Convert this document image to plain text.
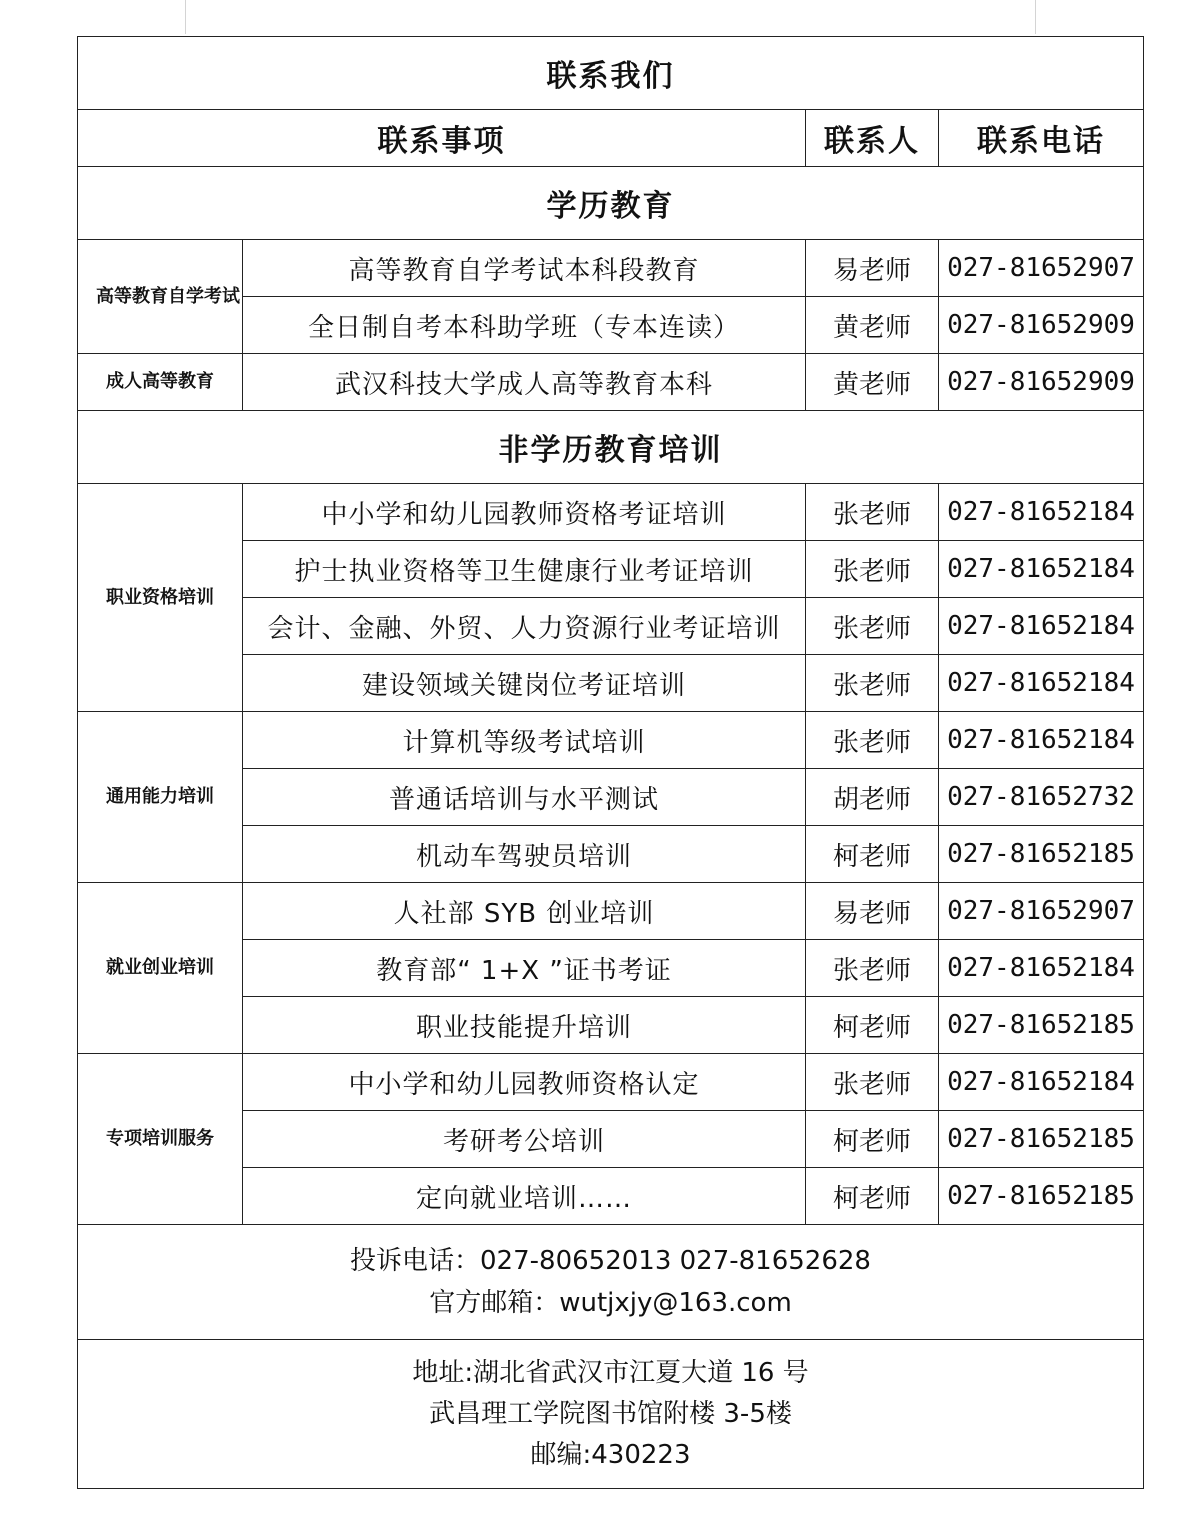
联系我们			
联系事项		联系人	联系电话
学历教育			
高等教育自学考试	高等教育自学考试本科段教育	易老师	027-81652907
	全日制自考本科助学班（专本连读）	黄老师	027-81652909
成人高等教育	武汉科技大学成人高等教育本科	黄老师	027-81652909
非学历教育培训			
职业资格培训	中小学和幼儿园教师资格考证培训	张老师	027-81652184
	护士执业资格等卫生健康行业考证培训	张老师	027-81652184
	会计、金融、外贸、人力资源行业考证培训	张老师	027-81652184
	建设领域关键岗位考证培训	张老师	027-81652184
通用能力培训	计算机等级考试培训	张老师	027-81652184
	普通话培训与水平测试	胡老师	027-81652732
	机动车驾驶员培训	柯老师	027-81652185
就业创业培训	人社部 SYB 创业培训	易老师	027-81652907
	教育部“ 1+X ”证书考证	张老师	027-81652184
	职业技能提升培训	柯老师	027-81652185
专项培训服务	中小学和幼儿园教师资格认定	张老师	027-81652184
	考研考公培训	柯老师	027-81652185
	定向就业培训……	柯老师	027-81652185

投诉电话：027-80652013 027-81652628
官方邮箱：wutjxjy@163.com			

地址:湖北省武汉市江夏大道 16 号
武昌理工学院图书馆附楼 3-5楼
邮编:430223			
